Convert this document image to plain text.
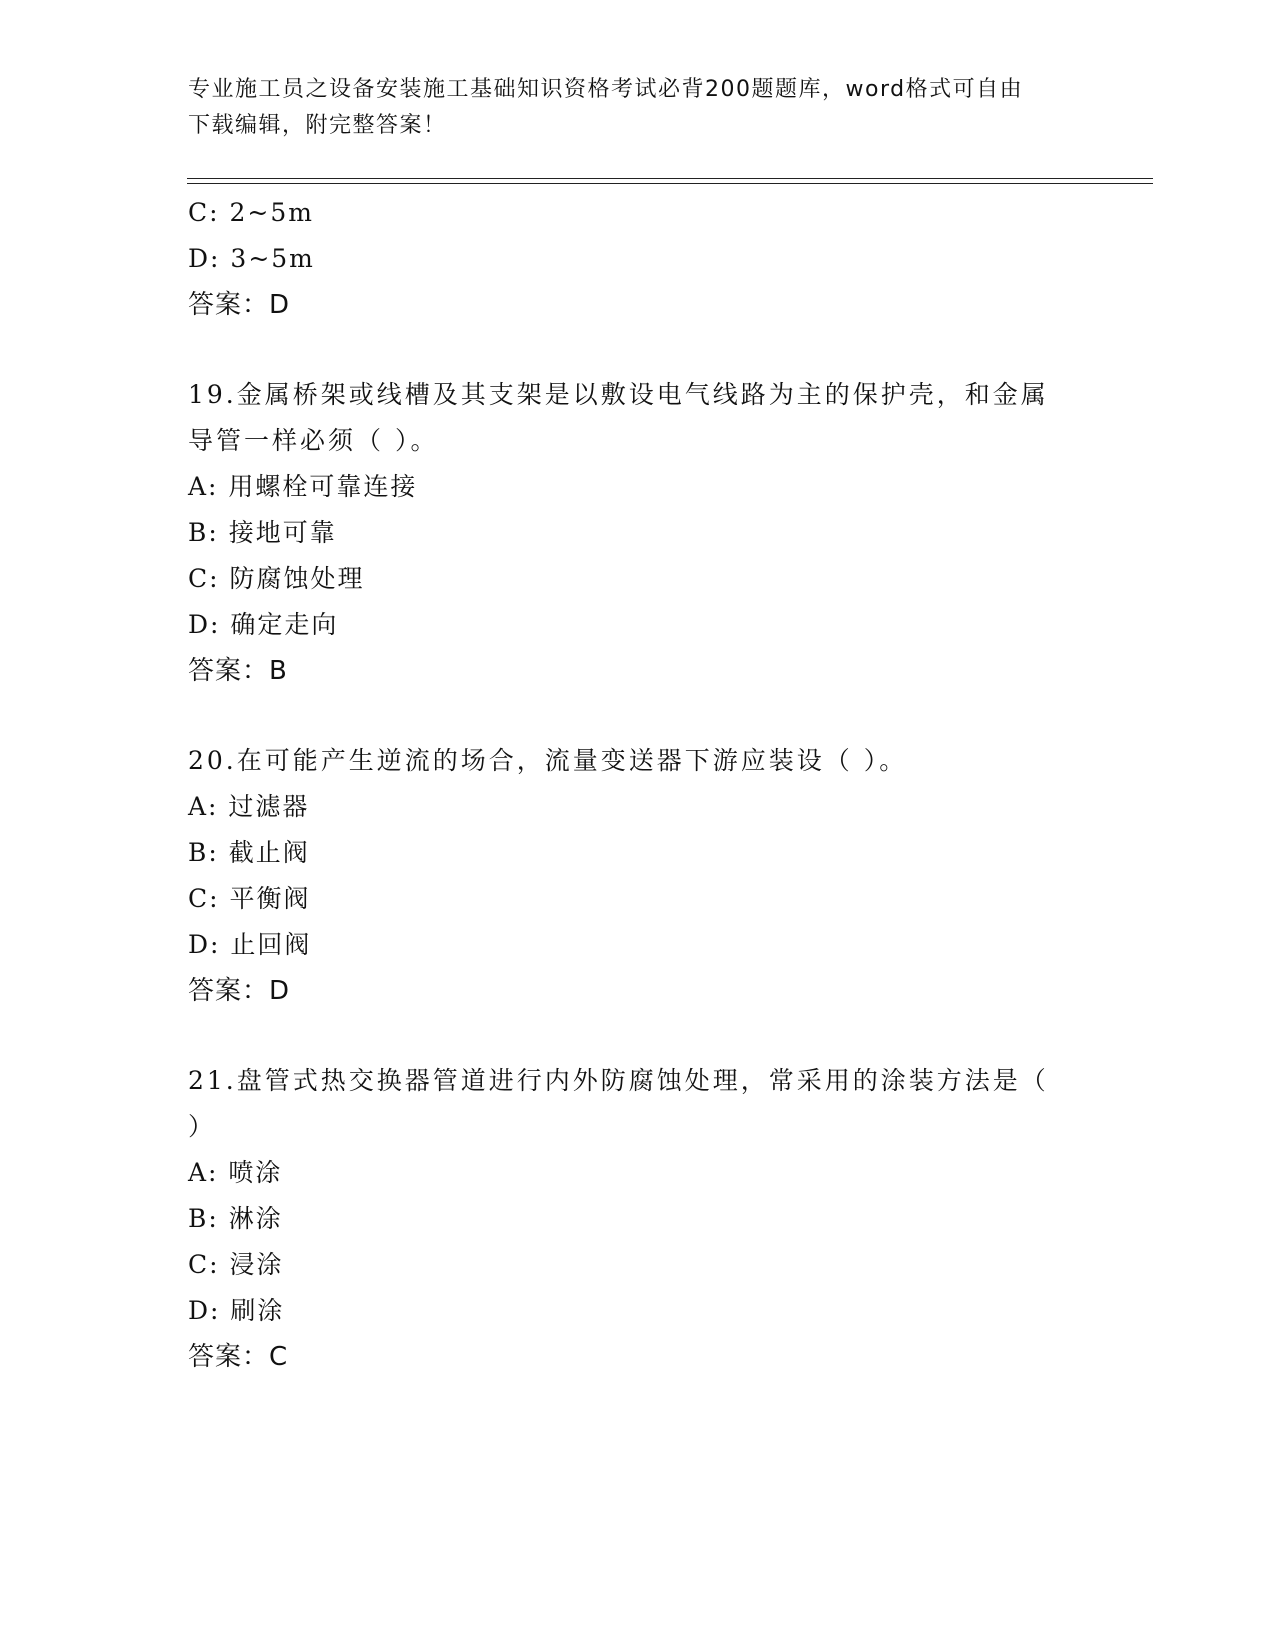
专业施工员之设备安装施工基础知识资格考试必背200题题库，word格式可自由
下载编辑，附完整答案！
C: 2~5m
D: 3~5m
答案：D
19.金属桥架或线槽及其支架是以敷设电气线路为主的保护壳，和金属
导管一样必须（ ）。
A: 用螺栓可靠连接
B: 接地可靠
C: 防腐蚀处理
D: 确定走向
答案：B
20.在可能产生逆流的场合，流量变送器下游应装设（ ）。
A: 过滤器
B: 截止阀
C: 平衡阀
D: 止回阀
答案：D
21.盘管式热交换器管道进行内外防腐蚀处理，常采用的涂装方法是（
）
A: 喷涂
B: 淋涂
C: 浸涂
D: 刷涂
答案：C
